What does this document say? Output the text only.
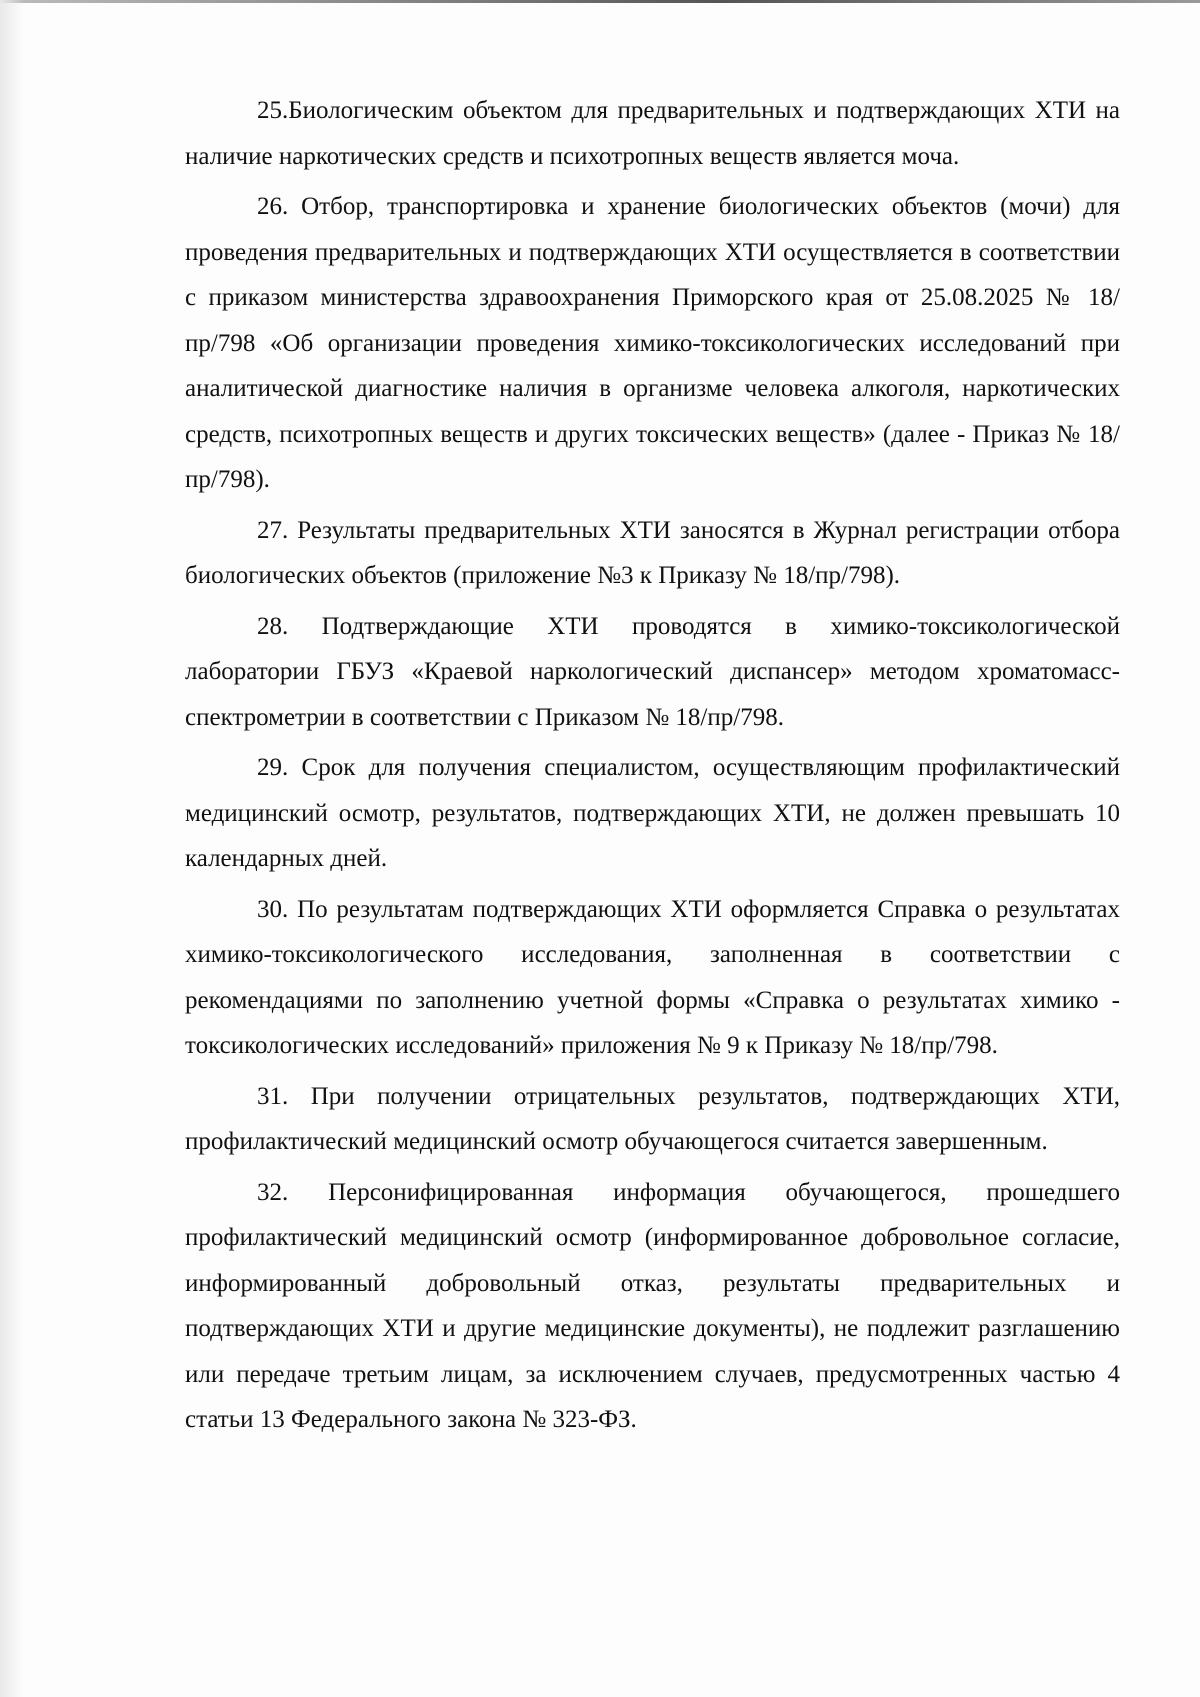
25.Биологическим объектом для предварительных и подтверждающих ХТИ на наличие наркотических средств и психотропных веществ является моча.

26. Отбор, транспортировка и хранение биологических объектов (мочи) для проведения предварительных и подтверждающих ХТИ осуществляется в соответствии с приказом министерства здравоохранения Приморского края от 25.08.2025 № 18/пр/798 «Об организации проведения химико-токсикологических исследований при аналитической диагностике наличия в организме человека алкоголя, наркотических средств, психотропных веществ и других токсических веществ» (далее - Приказ № 18/пр/798).

27. Результаты предварительных ХТИ заносятся в Журнал регистрации отбора биологических объектов (приложение №3 к Приказу № 18/пр/798).

28. Подтверждающие ХТИ проводятся в химико-токсикологической лаборатории ГБУЗ «Краевой наркологический диспансер» методом хроматомасс-спектрометрии в соответствии с Приказом № 18/пр/798.

29. Срок для получения специалистом, осуществляющим профилактический медицинский осмотр, результатов, подтверждающих ХТИ, не должен превышать 10 календарных дней.

30. По результатам подтверждающих ХТИ оформляется Справка о результатах химико-токсикологического исследования, заполненная в соответствии с рекомендациями по заполнению учетной формы «Справка о результатах химико - токсикологических исследований» приложения № 9 к Приказу № 18/пр/798.

31. При получении отрицательных результатов, подтверждающих ХТИ, профилактический медицинский осмотр обучающегося считается завершенным.

32. Персонифицированная информация обучающегося, прошедшего профилактический медицинский осмотр (информированное добровольное согласие, информированный добровольный отказ, результаты предварительных и подтверждающих ХТИ и другие медицинские документы), не подлежит разглашению или передаче третьим лицам, за исключением случаев, предусмотренных частью 4 статьи 13 Федерального закона № 323-ФЗ.
